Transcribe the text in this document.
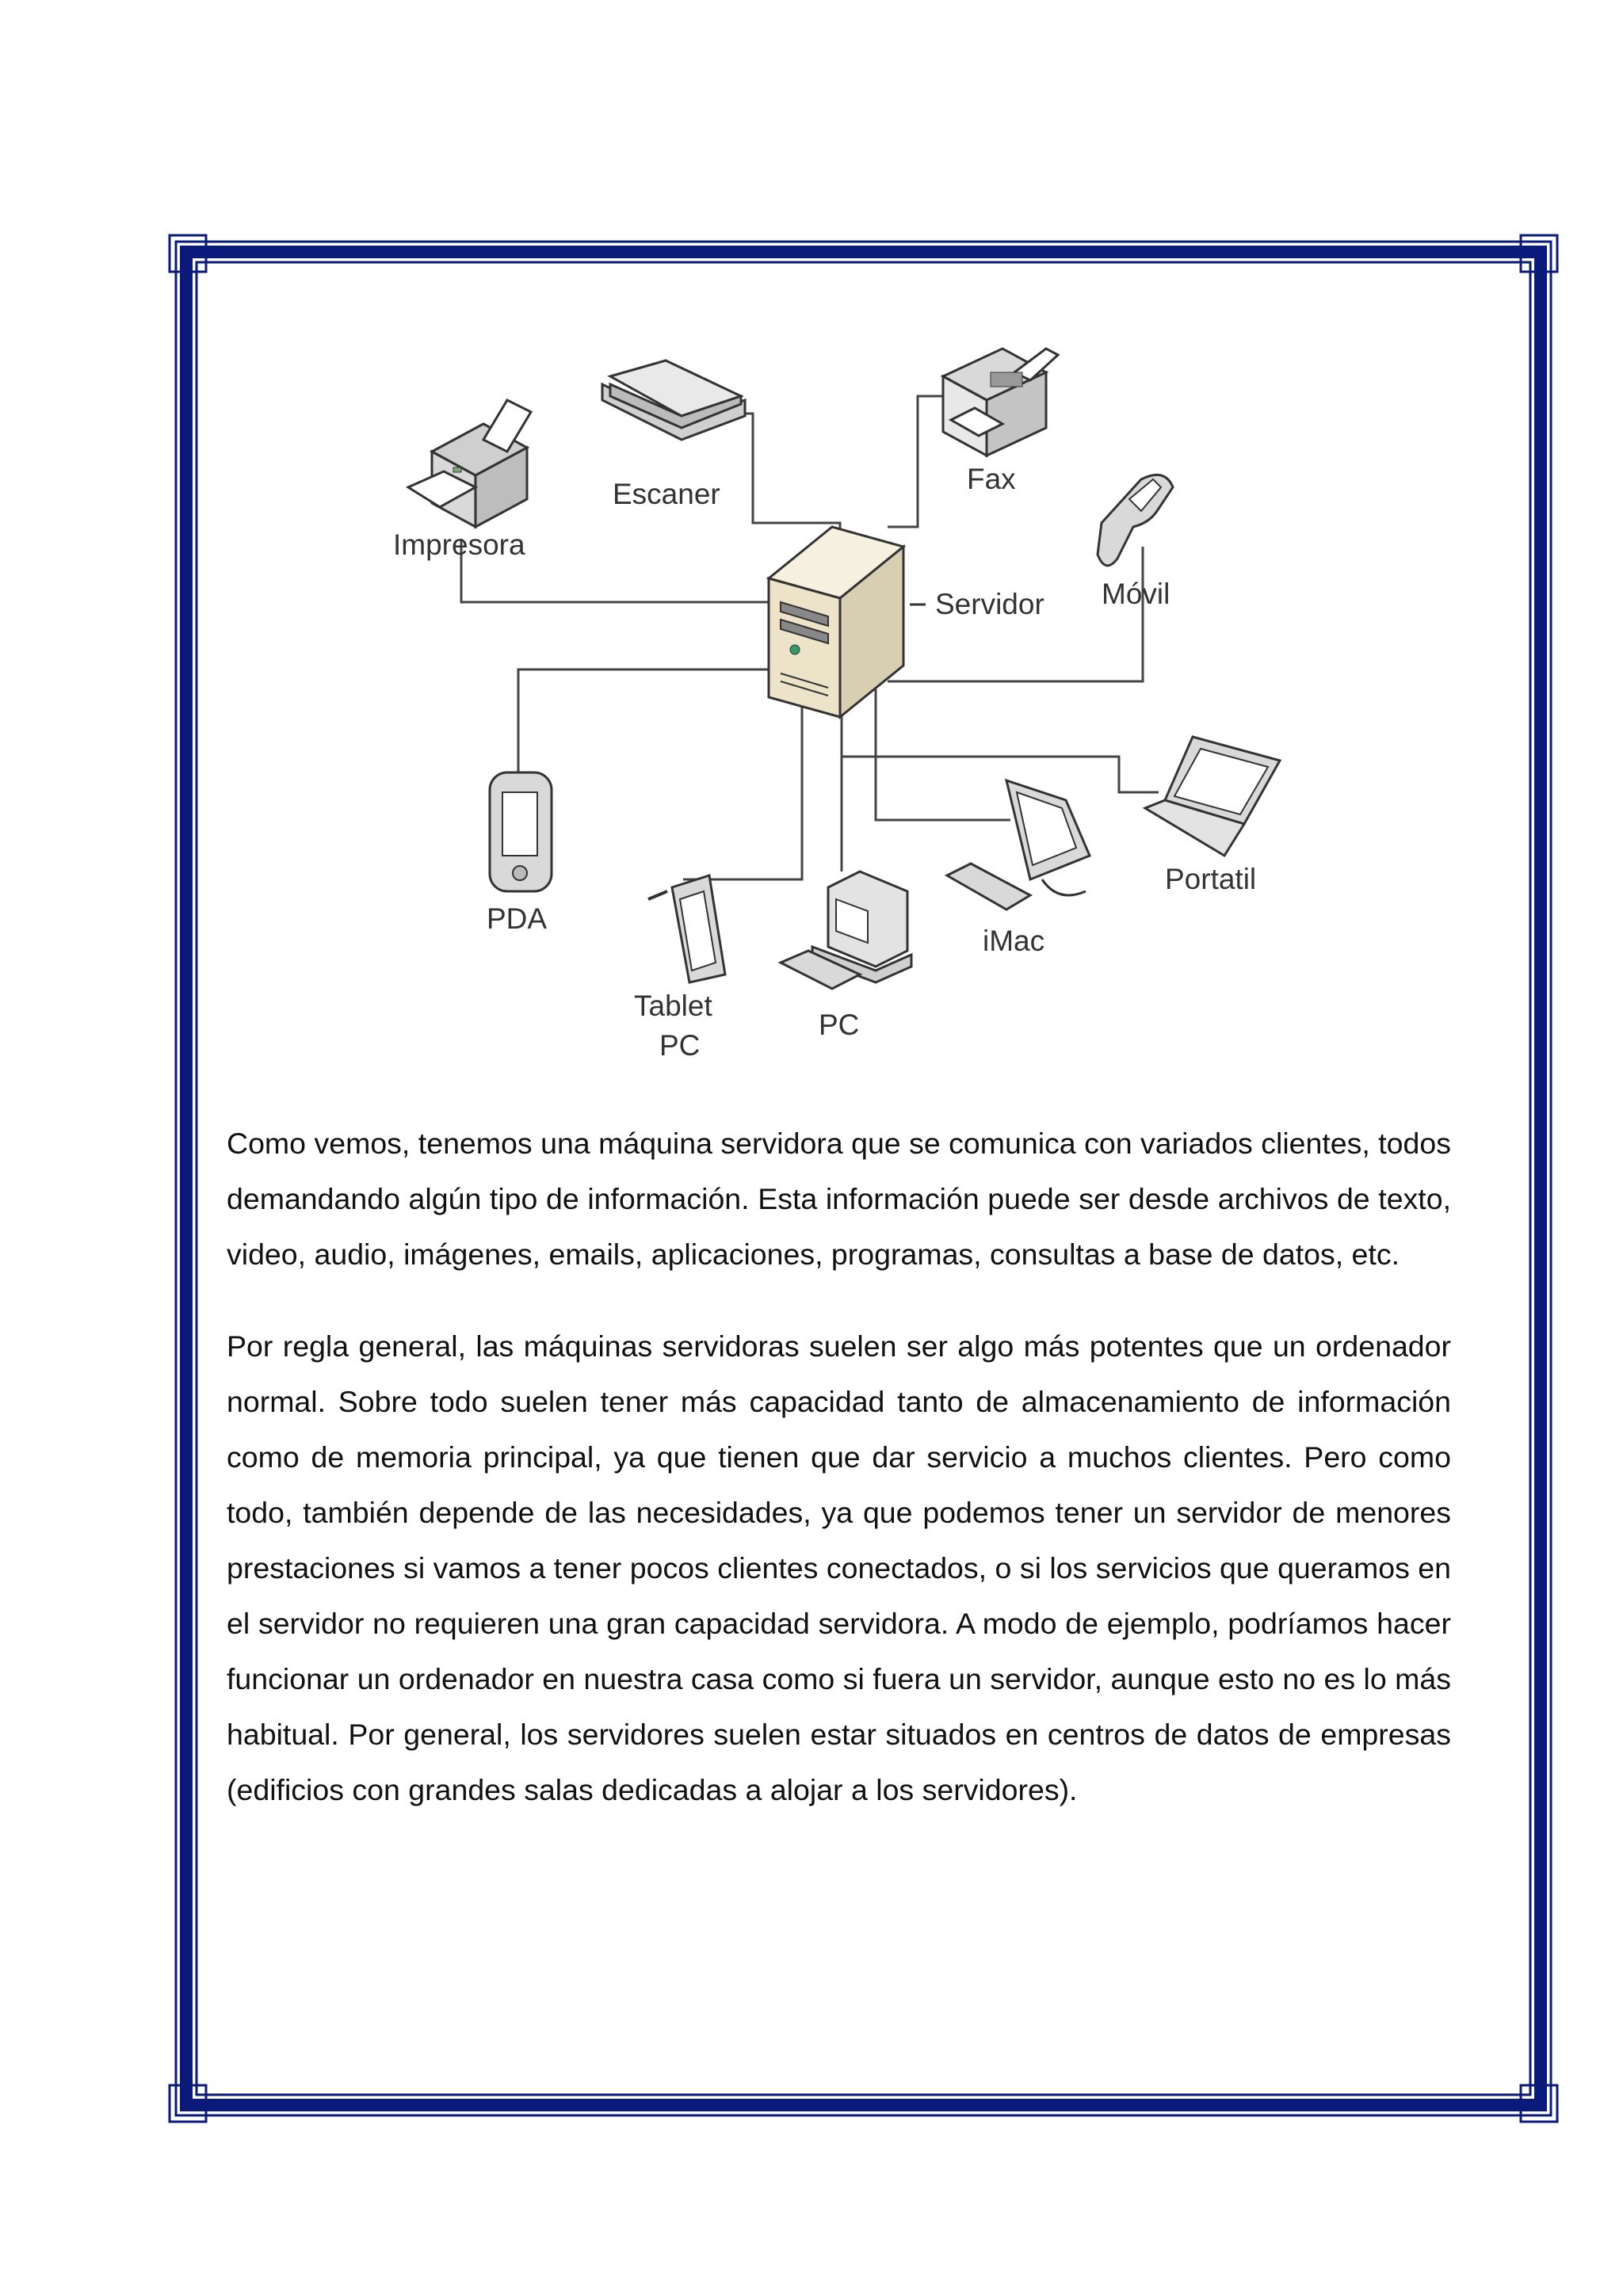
Impresora
Escaner	Fax
Servidor Móvil
PDA
Tablet
PC
PC
iMac
Portatil

Como vemos, tenemos una máquina servidora que se comunica con variados clientes, todos demandando algún tipo de información. Esta información puede ser desde archivos de texto, video, audio, imágenes, emails, aplicaciones, programas, consultas a base de datos, etc.

Por regla general, las máquinas servidoras suelen ser algo más potentes que un ordenador normal. Sobre todo suelen tener más capacidad tanto de almacenamiento de información como de memoria principal, ya que tienen que dar servicio a muchos clientes. Pero como todo, también depende de las necesidades, ya que podemos tener un servidor de menores prestaciones si vamos a tener pocos clientes conectados, o si los servicios que queramos en el servidor no requieren una gran capacidad servidora. A modo de ejemplo, podríamos hacer funcionar un ordenador en nuestra casa como si fuera un servidor, aunque esto no es lo más habitual. Por general, los servidores suelen estar situados en centros de datos de empresas (edificios con grandes salas dedicadas a alojar a los servidores).
